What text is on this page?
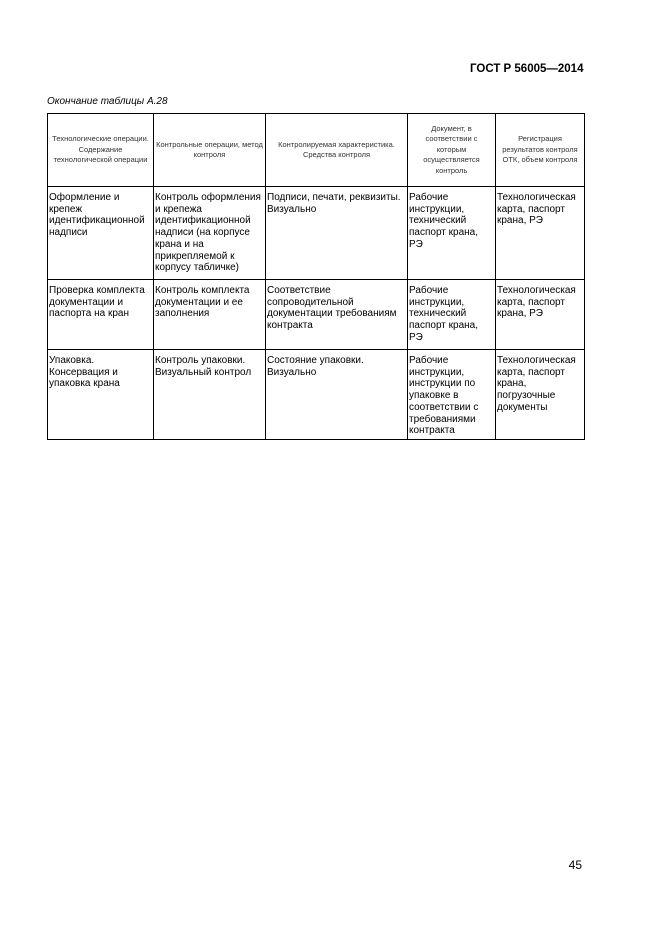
ГОСТ Р 56005—2014
Окончание таблицы А.28
Технологические операции. Содержание технологической операции	Контрольные операции, метод контроля	Контролируемая характеристика. Средства контроля	Документ, в соответствии с которым осуществляется контроль	Регистрация результатов контроля ОТК, объем контроля
Оформление и крепеж идентификационной надписи	Контроль оформления и крепежа идентификационной надписи (на корпусе крана и на прикрепляемой к корпусу табличке)	Подписи, печати, реквизиты. Визуально	Рабочие инструкции, технический паспорт крана, РЭ	Технологическая карта, паспорт крана, РЭ
Проверка комплекта документации и паспорта на кран	Контроль комплекта документации и ее заполнения	Соответствие сопроводительной документации требованиям контракта	Рабочие инструкции, технический паспорт крана, РЭ	Технологическая карта, паспорт крана, РЭ
Упаковка. Консервация и упаковка крана	Контроль упаковки. Визуальный контрол	Состояние упаковки. Визуально	Рабочие инструкции, инструкции по упаковке в соответствии с требованиями контракта	Технологическая карта, паспорт крана, погрузочные документы
45
